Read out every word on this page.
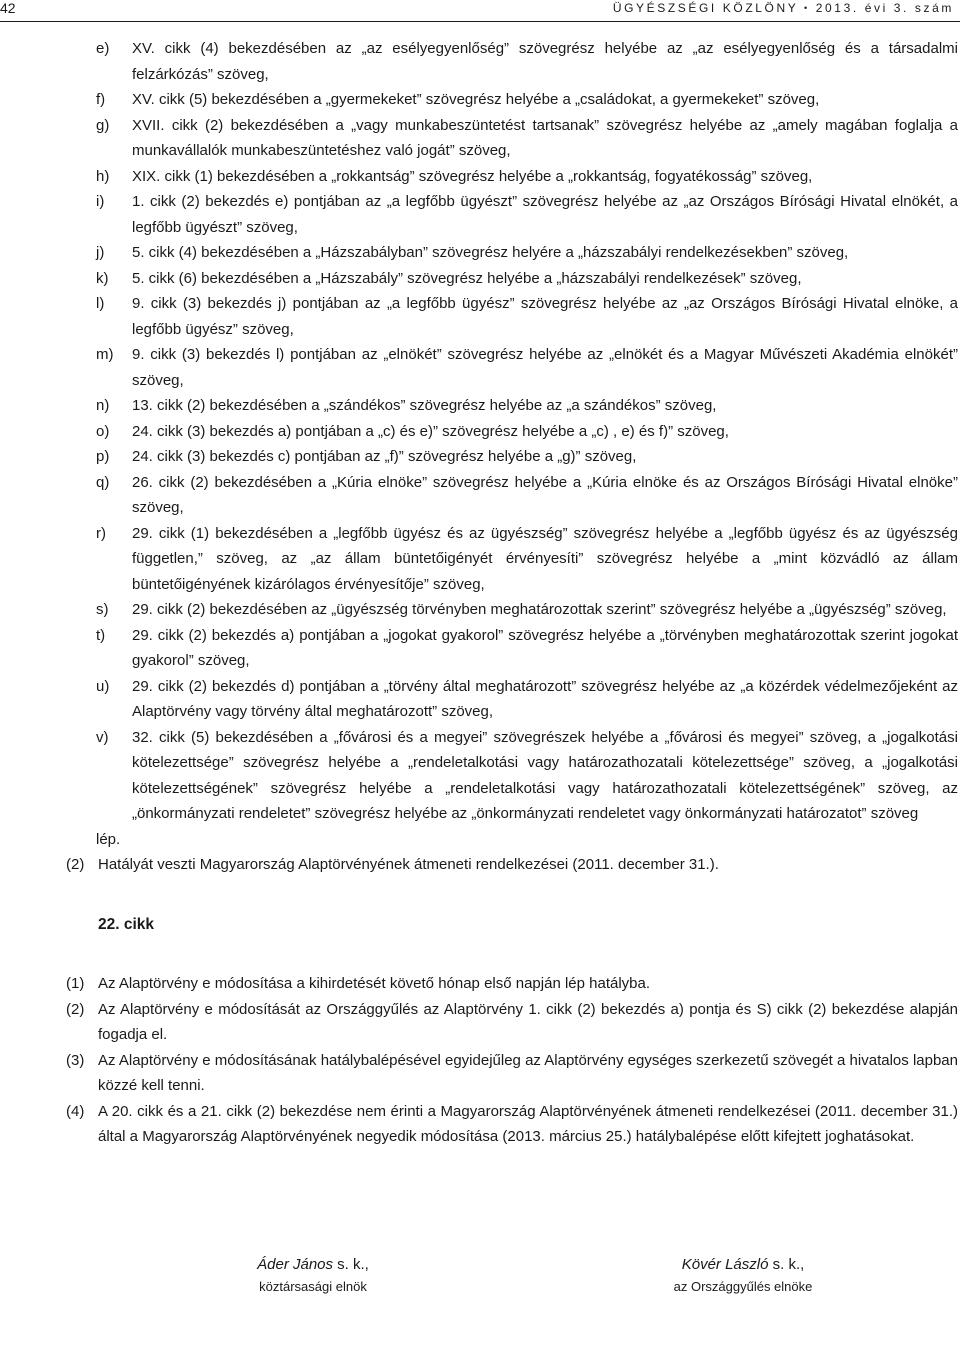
42	ÜGYÉSZSÉGI KÖZLÖNY • 2013. évi 3. szám
e) XV. cikk (4) bekezdésében az „az esélyegyenlőség” szövegrész helyébe az „az esélyegyenlőség és a társadalmi felzárkózás” szöveg,
f) XV. cikk (5) bekezdésében a „gyermekeket” szövegrész helyébe a „családokat, a gyermekeket” szöveg,
g) XVII. cikk (2) bekezdésében a „vagy munkabeszüntetést tartsanak” szövegrész helyébe az „amely magában foglalja a munkavállalók munkabeszüntetéshez való jogát” szöveg,
h) XIX. cikk (1) bekezdésében a „rokkantság” szövegrész helyébe a „rokkantság, fogyatékosság” szöveg,
i) 1. cikk (2) bekezdés e) pontjában az „a legfőbb ügyészt” szövegrész helyébe az „az Országos Bírósági Hivatal elnökét, a legfőbb ügyészt” szöveg,
j) 5. cikk (4) bekezdésében a „Házszabályban” szövegrész helyére a „házszabályi rendelkezésekben” szöveg,
k) 5. cikk (6) bekezdésében a „Házszabály” szövegrész helyébe a „házszabályi rendelkezések” szöveg,
l) 9. cikk (3) bekezdés j) pontjában az „a legfőbb ügyész” szövegrész helyébe az „az Országos Bírósági Hivatal elnöke, a legfőbb ügyész” szöveg,
m) 9. cikk (3) bekezdés l) pontjában az „elnökét” szövegrész helyébe az „elnökét és a Magyar Művészeti Akadémia elnökét” szöveg,
n) 13. cikk (2) bekezdésében a „szándékos” szövegrész helyébe az „a szándékos” szöveg,
o) 24. cikk (3) bekezdés a) pontjában a „c) és e)” szövegrész helyébe a „c) , e) és f)” szöveg,
p) 24. cikk (3) bekezdés c) pontjában az „f)” szövegrész helyébe a „g)” szöveg,
q) 26. cikk (2) bekezdésében a „Kúria elnöke” szövegrész helyébe a „Kúria elnöke és az Országos Bírósági Hivatal elnöke” szöveg,
r) 29. cikk (1) bekezdésében a „legfőbb ügyész és az ügyészség” szövegrész helyébe a „legfőbb ügyész és az ügyészség független,” szöveg, az „az állam büntetőigényét érvényesíti” szövegrész helyébe a „mint közvádló az állam büntetőigényének kizárólagos érvényesítője” szöveg,
s) 29. cikk (2) bekezdésében az „ügyészség törvényben meghatározottak szerint” szövegrész helyébe a „ügyészség” szöveg,
t) 29. cikk (2) bekezdés a) pontjában a „jogokat gyakorol” szövegrész helyébe a „törvényben meghatározottak szerint jogokat gyakorol” szöveg,
u) 29. cikk (2) bekezdés d) pontjában a „törvény által meghatározott” szövegrész helyébe az „a közérdek védelmezőjeként az Alaptörvény vagy törvény által meghatározott” szöveg,
v) 32. cikk (5) bekezdésében a „fővárosi és a megyei” szövegrészek helyébe a „fővárosi és megyei” szöveg, a „jogalkotási kötelezettsége” szövegrész helyébe a „rendeletalkotási vagy határozathozatali kötelezettsége” szöveg, a „jogalkotási kötelezettségének” szövegrész helyébe a „rendeletalkotási vagy határozathozatali kötelezettségének” szöveg, az „önkormányzati rendeletet” szövegrész helyébe az „önkormányzati rendeletet vagy önkormányzati határozatot” szöveg
lép.
(2) Hatályát veszti Magyarország Alaptörvényének átmeneti rendelkezései (2011. december 31.).
22. cikk
(1) Az Alaptörvény e módosítása a kihirdetését követő hónap első napján lép hatályba.
(2) Az Alaptörvény e módosítását az Országgyűlés az Alaptörvény 1. cikk (2) bekezdés a) pontja és S) cikk (2) bekezdése alapján fogadja el.
(3) Az Alaptörvény e módosításának hatálybalépésével egyidejűleg az Alaptörvény egységes szerkezetű szövegét a hivatalos lapban közzé kell tenni.
(4) A 20. cikk és a 21. cikk (2) bekezdése nem érinti a Magyarország Alaptörvényének átmeneti rendelkezései (2011. december 31.) által a Magyarország Alaptörvényének negyedik módosítása (2013. március 25.) hatálybalépése előtt kifejtett joghatásokat.
Áder János s. k.,
köztársasági elnök
Kövér László s. k.,
az Országgyűlés elnöke
